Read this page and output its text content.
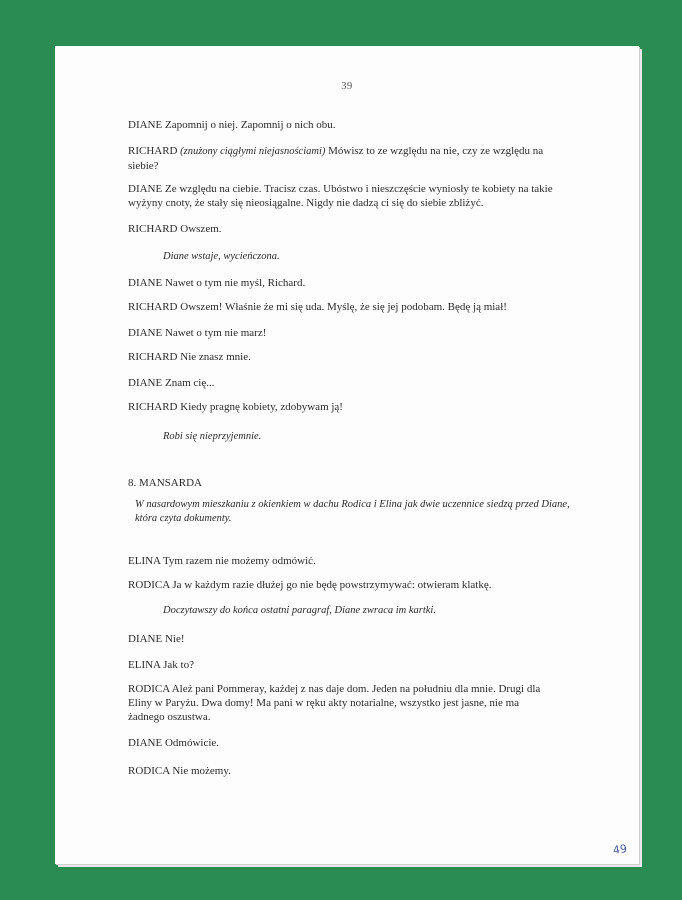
39
DIANE Zapomnij o niej. Zapomnij o nich obu.
RICHARD (znużony ciągłymi niejasnościami) Mówisz to ze względu na nie, czy ze względu na siebie?
DIANE Ze względu na ciebie. Tracisz czas. Ubóstwo i nieszczęście wyniosły te kobiety na takie wyżyny cnoty, że stały się nieosiągalne. Nigdy nie dadzą ci się do siebie zbliżyć.
RICHARD Owszem.
Diane wstaje, wycieńczona.
DIANE Nawet o tym nie myśl, Richard.
RICHARD Owszem! Właśnie że mi się uda. Myślę, że się jej podobam. Będę ją miał!
DIANE Nawet o tym nie marz!
RICHARD Nie znasz mnie.
DIANE Znam cię...
RICHARD Kiedy pragnę kobiety, zdobywam ją!
Robi się nieprzyjemnie.
8. MANSARDA
W nasardowym mieszkaniu z okienkiem w dachu Rodica i Elina jak dwie uczennice siedzą przed Diane, która czyta dokumenty.
ELINA Tym razem nie możemy odmówić.
RODICA Ja w każdym razie dłużej go nie będę powstrzymywać: otwieram klatkę.
Doczytawszy do końca ostatni paragraf, Diane zwraca im kartki.
DIANE Nie!
ELINA Jak to?
RODICA Ależ pani Pommeray, każdej z nas daje dom. Jeden na południu dla mnie. Drugi dla Eliny w Paryżu. Dwa domy! Ma pani w ręku akty notarialne, wszystko jest jasne, nie ma żadnego oszustwa.
DIANE Odmówicie.
RODICA Nie możemy.
49
